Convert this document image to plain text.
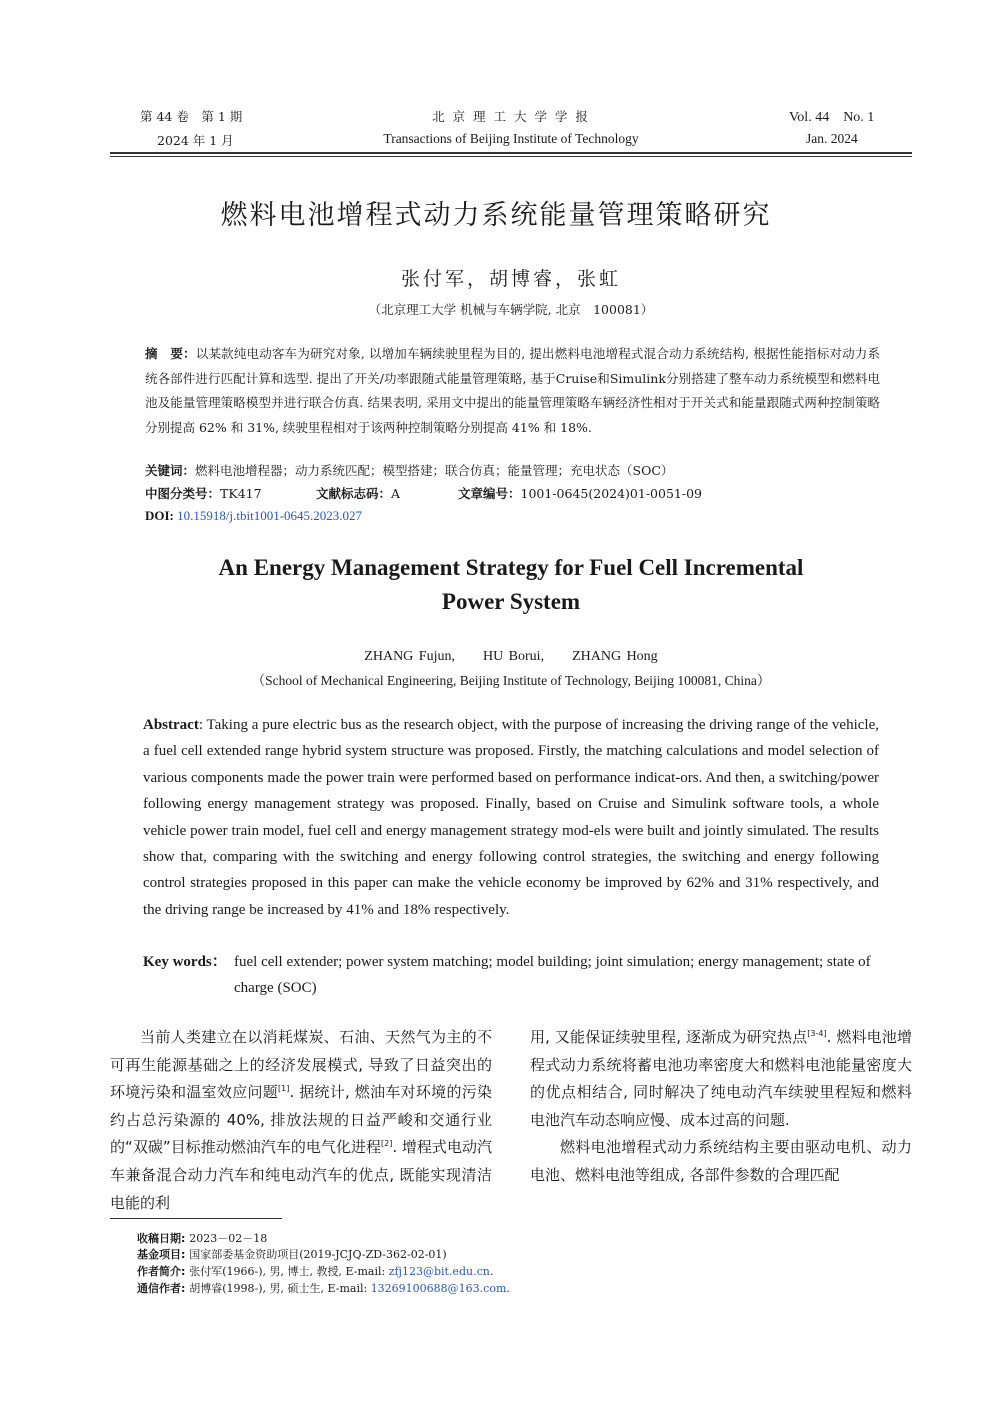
第 44 卷　第 1 期
2024 年 1 月
北 京 理 工 大 学 学 报
Transactions of Beijing Institute of Technology
Vol. 44　No. 1
Jan. 2024
燃料电池增程式动力系统能量管理策略研究
张付军，胡博睿，张虹
（北京理工大学 机械与车辆学院, 北京　100081）
摘　要：以某款纯电动客车为研究对象, 以增加车辆续驶里程为目的, 提出燃料电池增程式混合动力系统结构, 根据性能指标对动力系统各部件进行匹配计算和选型. 提出了开关/功率跟随式能量管理策略, 基于Cruise和Simulink分别搭建了整车动力系统模型和燃料电池及能量管理策略模型并进行联合仿真. 结果表明, 采用文中提出的能量管理策略车辆经济性相对于开关式和能量跟随式两种控制策略分别提高 62% 和 31%, 续驶里程相对于该两种控制策略分别提高 41% 和 18%.
关键词：燃料电池增程器；动力系统匹配；模型搭建；联合仿真；能量管理；充电状态（SOC）
中图分类号：TK417	文献标志码：A	文章编号：1001-0645(2024)01-0051-09
DOI: 10.15918/j.tbit1001-0645.2023.027
An Energy Management Strategy for Fuel Cell Incremental
Power System
ZHANG Fujun,　　HU Borui,　　ZHANG Hong
（School of Mechanical Engineering, Beijing Institute of Technology, Beijing 100081, China）
Abstract: Taking a pure electric bus as the research object, with the purpose of increasing the driving range of the vehicle, a fuel cell extended range hybrid system structure was proposed. Firstly, the matching calculations and model selection of various components made the power train were performed based on performance indicat-ors. And then, a switching/power following energy management strategy was proposed. Finally, based on Cruise and Simulink software tools, a whole vehicle power train model, fuel cell and energy management strategy mod-els were built and jointly simulated. The results show that, comparing with the switching and energy following control strategies, the switching and energy following control strategies proposed in this paper can make the vehicle economy be improved by 62% and 31% respectively, and the driving range be increased by 41% and 18% respectively.
Key words： fuel cell extender; power system matching; model building; joint simulation; energy management; state of charge (SOC)
当前人类建立在以消耗煤炭、石油、天然气为主的不可再生能源基础之上的经济发展模式, 导致了日益突出的环境污染和温室效应问题[1]. 据统计, 燃油车对环境的污染约占总污染源的 40%, 排放法规的日益严峻和交通行业的“双碳”目标推动燃油汽车的电气化进程[2]. 增程式电动汽车兼备混合动力汽车和纯电动汽车的优点, 既能实现清洁电能的利
用, 又能保证续驶里程, 逐渐成为研究热点[3-4]. 燃料电池增程式动力系统将蓄电池功率密度大和燃料电池能量密度大的优点相结合, 同时解决了纯电动汽车续驶里程短和燃料电池汽车动态响应慢、成本过高的问题.
燃料电池增程式动力系统结构主要由驱动电机、动力电池、燃料电池等组成, 各部件参数的合理匹配
收稿日期: 2023－02－18
基金项目: 国家部委基金资助项目(2019-JCJQ-ZD-362-02-01)
作者简介: 张付军(1966-), 男, 博士, 教授, E-mail: zfj123@bit.edu.cn.
通信作者: 胡博睿(1998-), 男, 硕士生, E-mail: 13269100688@163.com.
